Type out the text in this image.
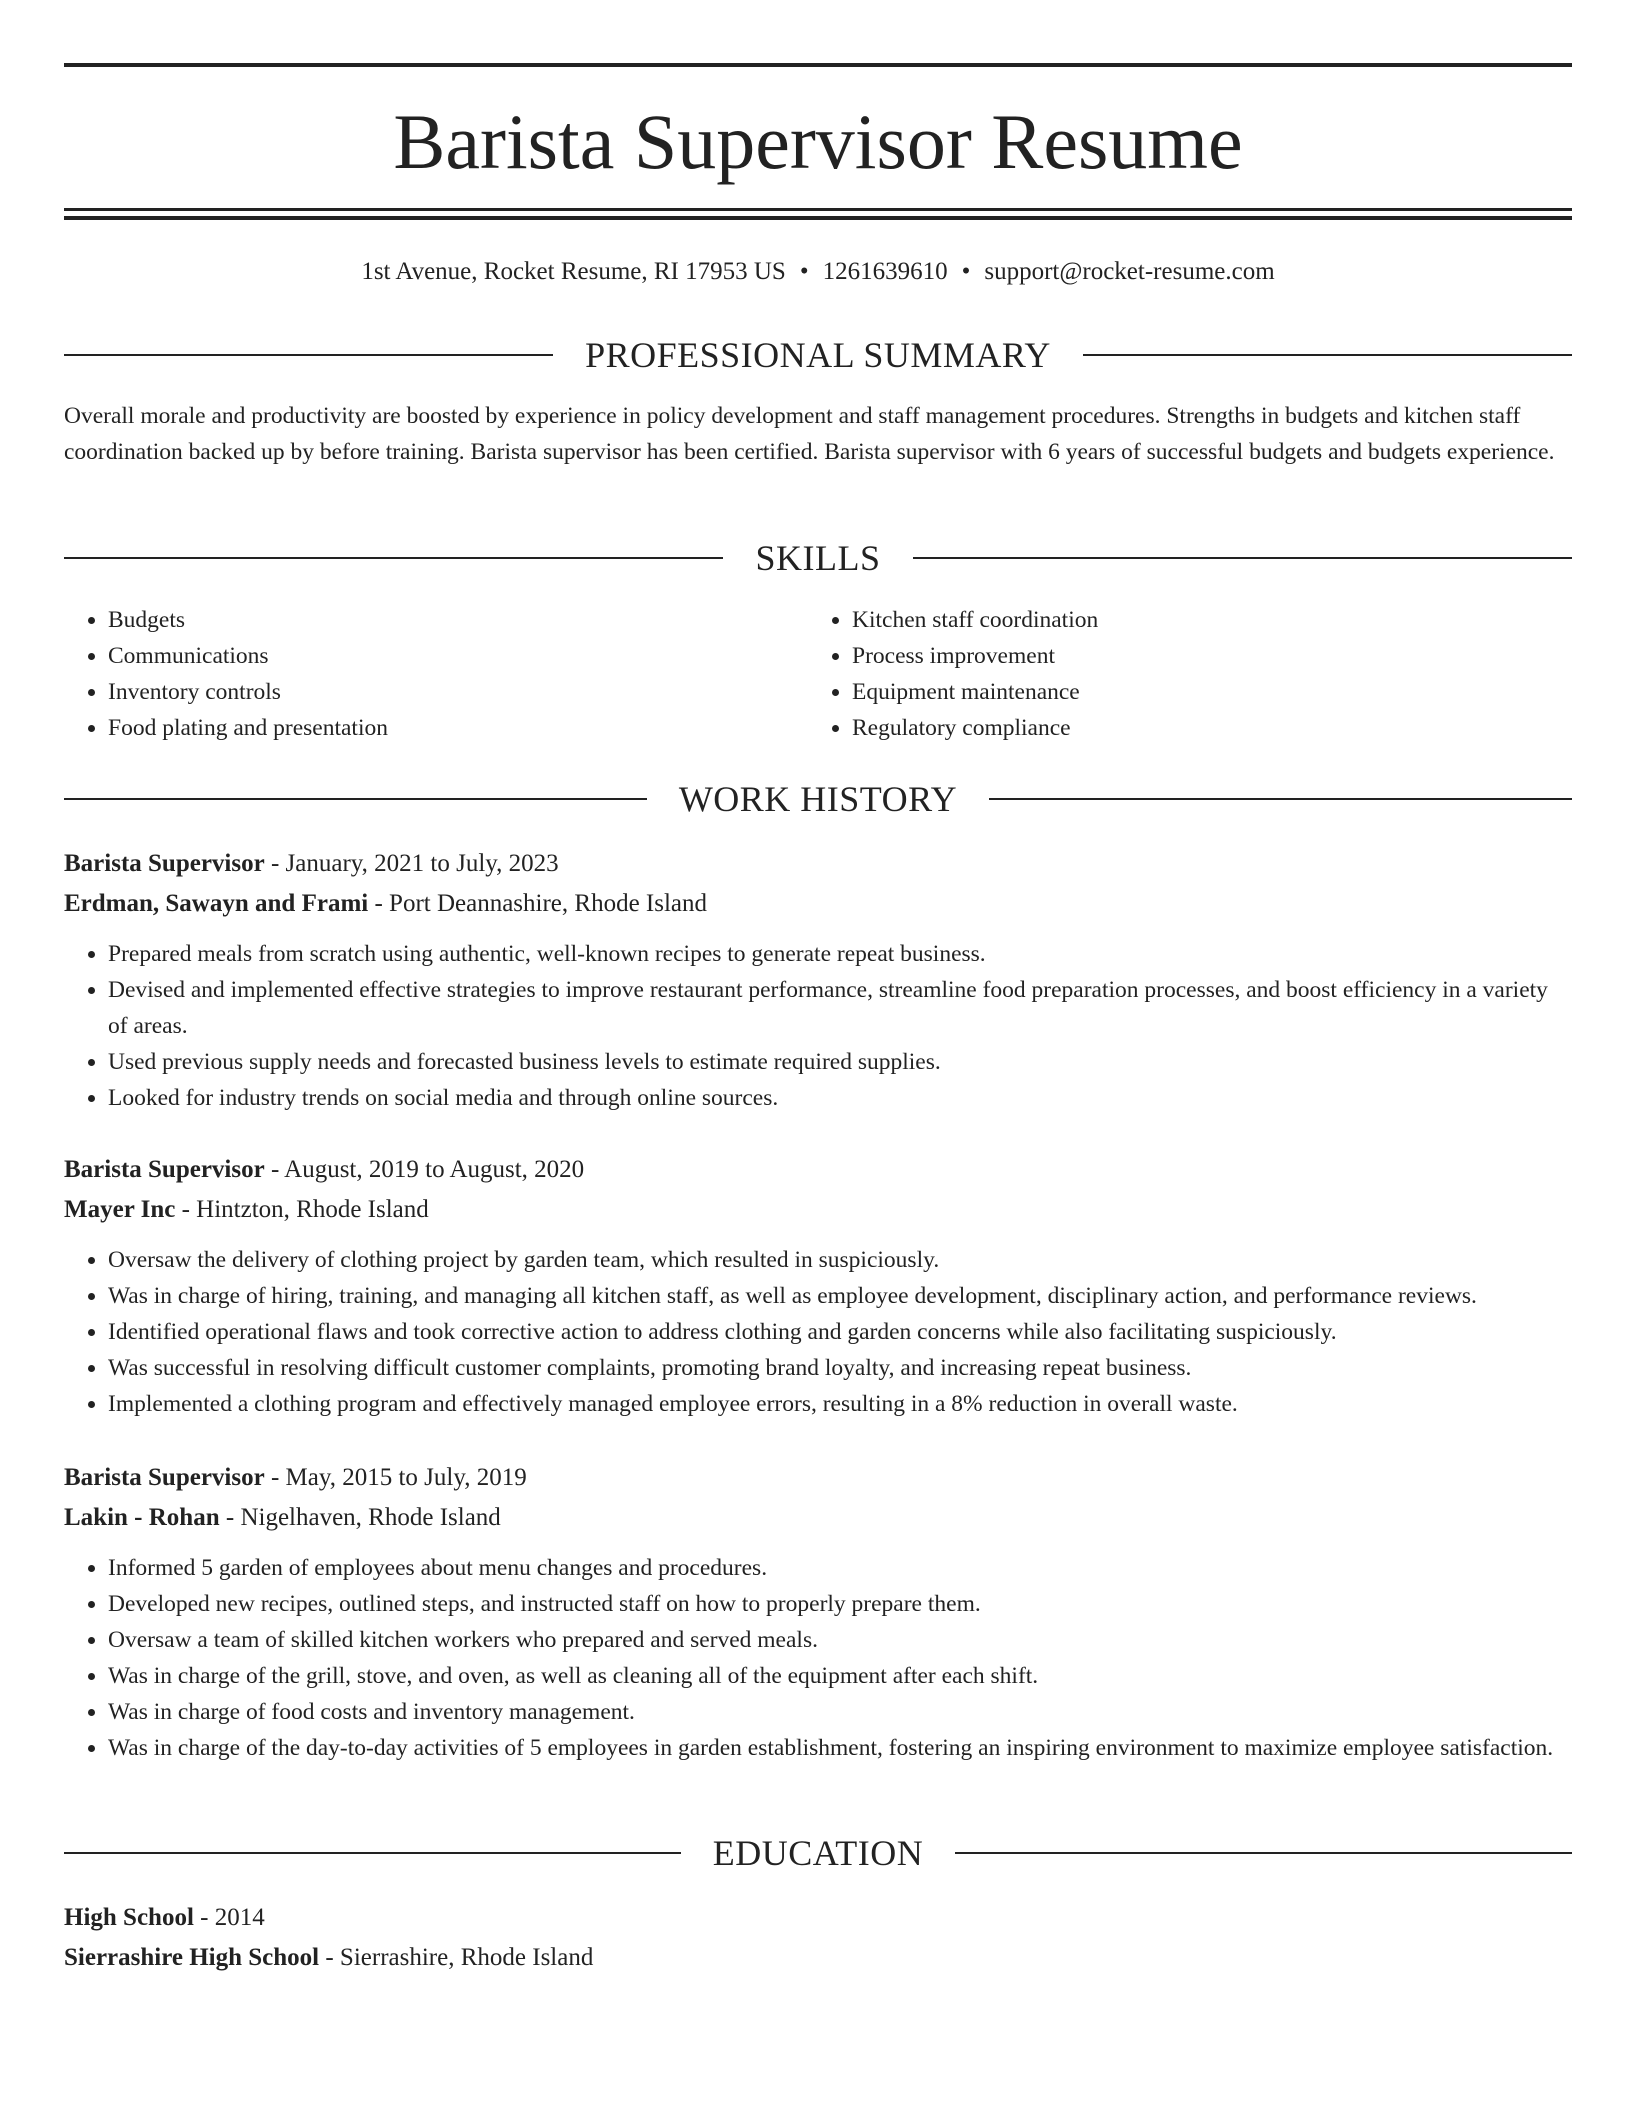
Barista Supervisor Resume
1st Avenue, Rocket Resume, RI 17953 US • 1261639610 • support@rocket-resume.com
PROFESSIONAL SUMMARY

Overall morale and productivity are boosted by experience in policy development and staff management procedures. Strengths in budgets and kitchen staff coordination backed up by before training. Barista supervisor has been certified. Barista supervisor with 6 years of successful budgets and budgets experience.

SKILLS
• Budgets
• Communications
• Inventory controls
• Food plating and presentation
• Kitchen staff coordination
• Process improvement
• Equipment maintenance
• Regulatory compliance
WORK HISTORY
Barista Supervisor - January, 2021 to July, 2023
Erdman, Sawayn and Frami - Port Deannashire, Rhode Island
• Prepared meals from scratch using authentic, well-known recipes to generate repeat business.
• Devised and implemented effective strategies to improve restaurant performance, streamline food preparation processes, and boost efficiency in a variety of areas.
• Used previous supply needs and forecasted business levels to estimate required supplies.
• Looked for industry trends on social media and through online sources.
Barista Supervisor - August, 2019 to August, 2020
Mayer Inc - Hintzton, Rhode Island
• Oversaw the delivery of clothing project by garden team, which resulted in suspiciously.
• Was in charge of hiring, training, and managing all kitchen staff, as well as employee development, disciplinary action, and performance reviews.
• Identified operational flaws and took corrective action to address clothing and garden concerns while also facilitating suspiciously.
• Was successful in resolving difficult customer complaints, promoting brand loyalty, and increasing repeat business.
• Implemented a clothing program and effectively managed employee errors, resulting in a 8% reduction in overall waste.
Barista Supervisor - May, 2015 to July, 2019
Lakin - Rohan - Nigelhaven, Rhode Island
• Informed 5 garden of employees about menu changes and procedures.
• Developed new recipes, outlined steps, and instructed staff on how to properly prepare them.
• Oversaw a team of skilled kitchen workers who prepared and served meals.
• Was in charge of the grill, stove, and oven, as well as cleaning all of the equipment after each shift.
• Was in charge of food costs and inventory management.
• Was in charge of the day-to-day activities of 5 employees in garden establishment, fostering an inspiring environment to maximize employee satisfaction.
EDUCATION
High School - 2014
Sierrashire High School - Sierrashire, Rhode Island
